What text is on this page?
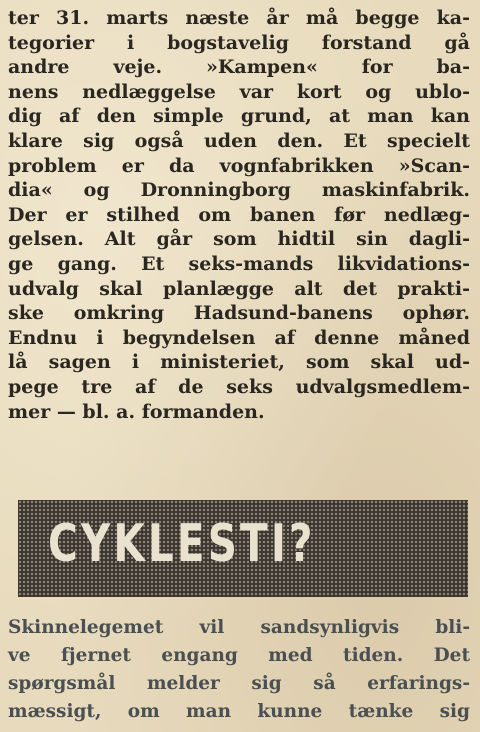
ter 31. marts næste år må begge ka-
tegorier i bogstavelig forstand gå
andre veje. »Kampen« for ba-
nens nedlæggelse var kort og ublo-
dig af den simple grund, at man kan
klare sig også uden den. Et specielt
problem er da vognfabrikken »Scan-
dia« og Dronningborg maskinfabrik.
Der er stilhed om banen før nedlæg-
gelsen. Alt går som hidtil sin dagli-
ge gang. Et seks-mands likvidations-
udvalg skal planlægge alt det prakti-
ske omkring Hadsund-banens ophør.
Endnu i begyndelsen af denne måned
lå sagen i ministeriet, som skal ud-
pege tre af de seks udvalgsmedlem-
mer — bl. a. formanden.
CYKLESTI?
Skinnelegemet vil sandsynligvis bli-
ve fjernet engang med tiden. Det
spørgsmål melder sig så erfarings-
mæssigt, om man kunne tænke sig
